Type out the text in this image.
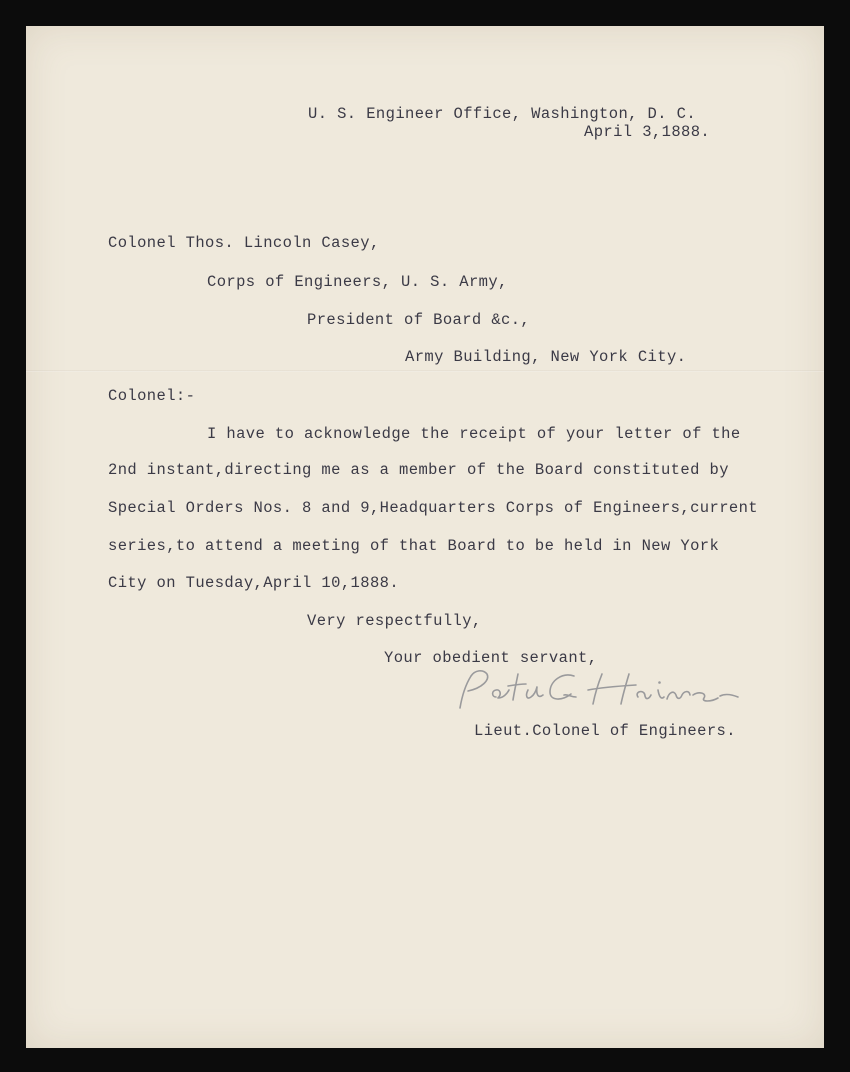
U. S. Engineer Office, Washington, D. C.

April 3,1888.

Colonel Thos. Lincoln Casey,

Corps of Engineers, U. S. Army,

President of Board &c.,

Army Building, New York City.

Colonel:-

I have to acknowledge the receipt of your letter of the

2nd instant,directing me as a member of the Board constituted by

Special Orders Nos. 8 and 9,Headquarters Corps of Engineers,current

series,to attend a meeting of that Board to be held in New York

City on Tuesday,April 10,1888.

Very respectfully,

Your obedient servant,

Lieut.Colonel of Engineers.
